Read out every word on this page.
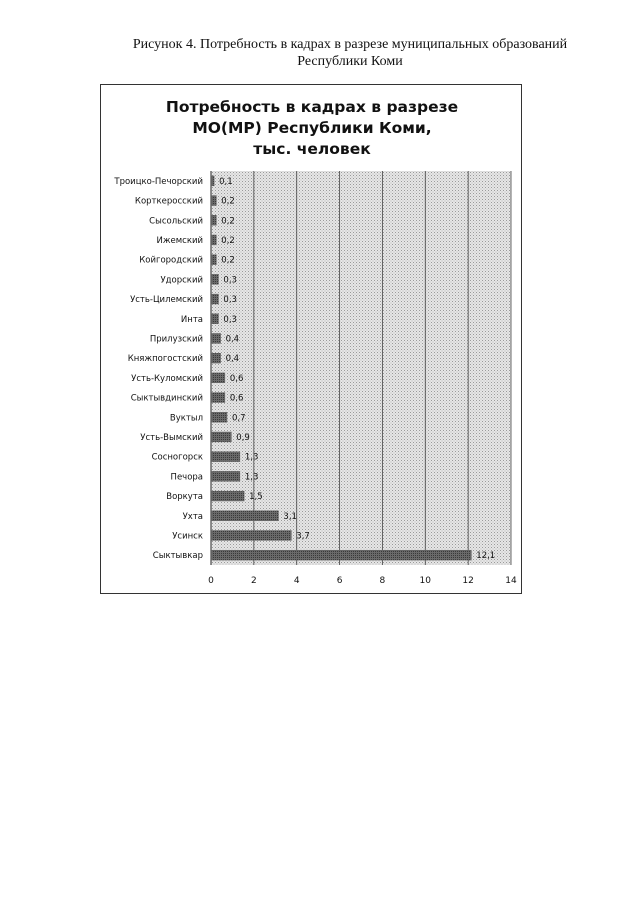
Рисунок 4. Потребность в кадрах в разрезе муниципальных образований
Республики Коми
Потребность в кадрах в разрезе
МО(МР) Республики Коми,
тыс. человек
0	2	4	6	8	10	12	14
Троицко-Печорский 0,1
Корткеросский 0,2
Сысольский 0,2
Ижемский 0,2
Койгородский 0,2
Удорский 0,3
Усть-Цилемский 0,3
Инта 0,3
Прилузский	0,4
Княжпогостский	0,4
Усть-Куломский	0,6
Сыктывдинский	0,6
Вуктыл	0,7
Усть-Вымский	0,9
Сосногорск	1,3
Печора	1,3
Воркута	1,5
Ухта	3,1
Усинск	3,7
Сыктывкар	12,1
